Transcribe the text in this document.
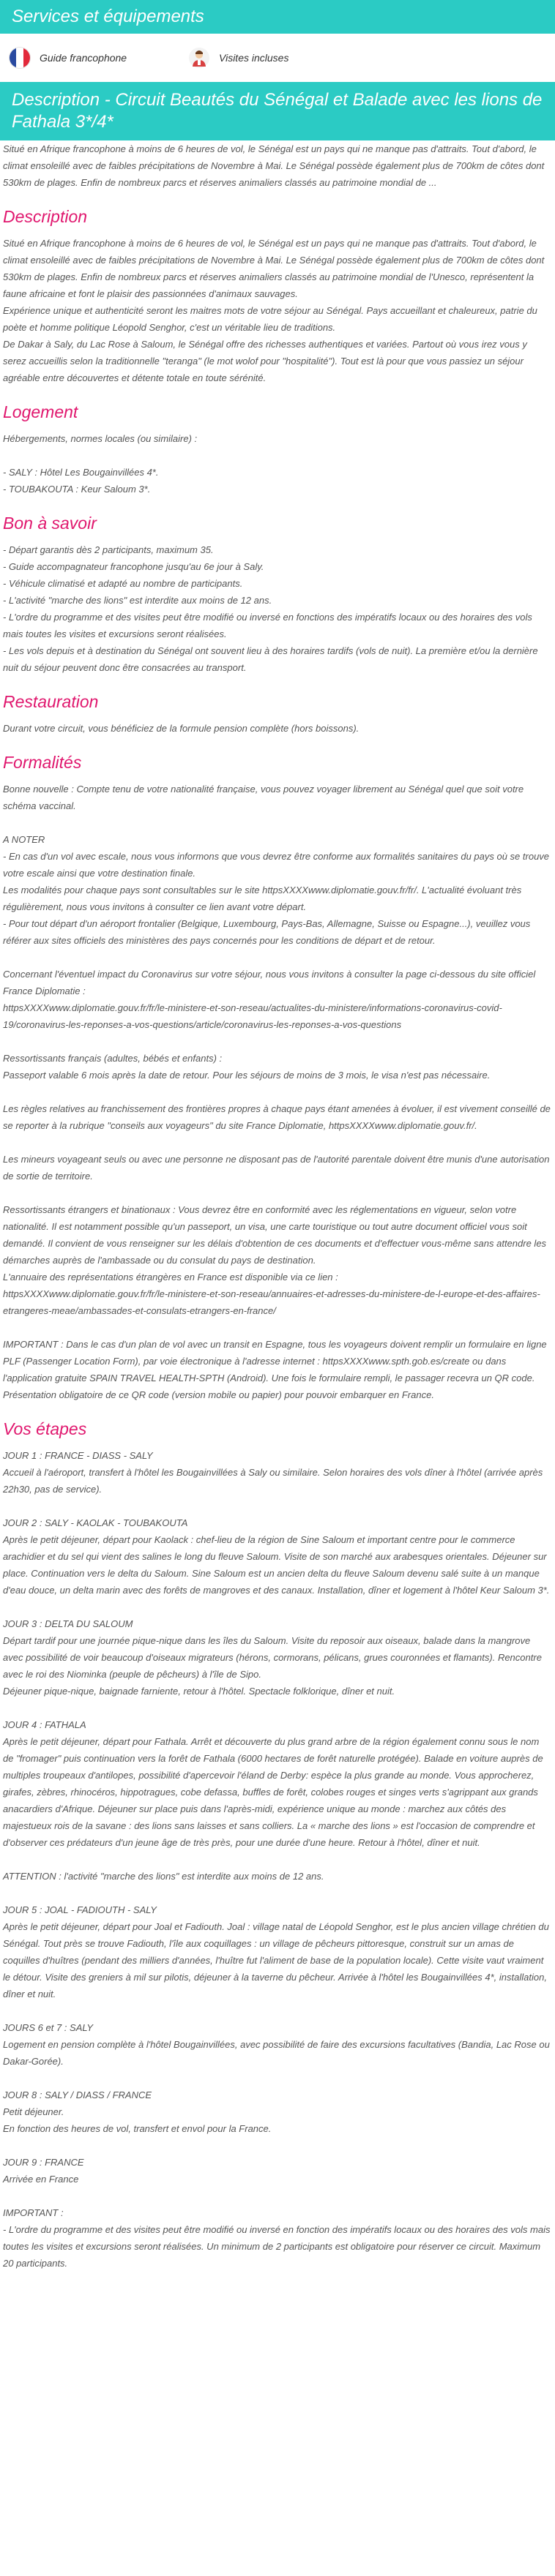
Services et équipements
Guide francophone	Visites incluses
Description - Circuit Beautés du Sénégal et Balade avec les lions de Fathala 3*/4*

Situé en Afrique francophone à moins de 6 heures de vol, le Sénégal est un pays qui ne manque pas d'attraits. Tout d'abord, le climat ensoleillé avec de faibles précipitations de Novembre à Mai. Le Sénégal possède également plus de 700km de côtes dont 530km de plages. Enfin de nombreux parcs et réserves animaliers classés au patrimoine mondial de ...

Description

Situé en Afrique francophone à moins de 6 heures de vol, le Sénégal est un pays qui ne manque pas d'attraits. Tout d'abord, le climat ensoleillé avec de faibles précipitations de Novembre à Mai. Le Sénégal possède également plus de 700km de côtes dont 530km de plages. Enfin de nombreux parcs et réserves animaliers classés au patrimoine mondial de l'Unesco, représentent la faune africaine et font le plaisir des passionnées d'animaux sauvages.
Expérience unique et authenticité seront les maitres mots de votre séjour au Sénégal. Pays accueillant et chaleureux, patrie du poète et homme politique Léopold Senghor, c'est un véritable lieu de traditions.
De Dakar à Saly, du Lac Rose à Saloum, le Sénégal offre des richesses authentiques et variées. Partout où vous irez vous y serez accueillis selon la traditionnelle "teranga" (le mot wolof pour "hospitalité"). Tout est là pour que vous passiez un séjour agréable entre découvertes et détente totale en toute sérénité.

Logement

Hébergements, normes locales (ou similaire) :

- SALY : Hôtel Les Bougainvillées 4*.
- TOUBAKOUTA : Keur Saloum 3*.

Bon à savoir

- Départ garantis dès 2 participants, maximum 35.
- Guide accompagnateur francophone jusqu'au 6e jour à Saly.
- Véhicule climatisé et adapté au nombre de participants.
- L'activité "marche des lions" est interdite aux moins de 12 ans.
- L'ordre du programme et des visites peut être modifié ou inversé en fonctions des impératifs locaux ou des horaires des vols mais toutes les visites et excursions seront réalisées.
- Les vols depuis et à destination du Sénégal ont souvent lieu à des horaires tardifs (vols de nuit). La première et/ou la dernière nuit du séjour peuvent donc être consacrées au transport.

Restauration

Durant votre circuit, vous bénéficiez de la formule pension complète (hors boissons).

Formalités

Bonne nouvelle : Compte tenu de votre nationalité française, vous pouvez voyager librement au Sénégal quel que soit votre schéma vaccinal.

A NOTER
- En cas d'un vol avec escale, nous vous informons que vous devrez être conforme aux formalités sanitaires du pays où se trouve votre escale ainsi que votre destination finale.
Les modalités pour chaque pays sont consultables sur le site httpsXXXXwww.diplomatie.gouv.fr/fr/. L'actualité évoluant très régulièrement, nous vous invitons à consulter ce lien avant votre départ.
- Pour tout départ d'un aéroport frontalier (Belgique, Luxembourg, Pays-Bas, Allemagne, Suisse ou Espagne...), veuillez vous référer aux sites officiels des ministères des pays concernés pour les conditions de départ et de retour.

Concernant l'éventuel impact du Coronavirus sur votre séjour, nous vous invitons à consulter la page ci-dessous du site officiel France Diplomatie :
httpsXXXXwww.diplomatie.gouv.fr/fr/le-ministere-et-son-reseau/actualites-du-ministere/informations-coronavirus-covid-19/coronavirus-les-reponses-a-vos-questions/article/coronavirus-les-reponses-a-vos-questions

Ressortissants français (adultes, bébés et enfants) :
Passeport valable 6 mois après la date de retour. Pour les séjours de moins de 3 mois, le visa n'est pas nécessaire.

Les règles relatives au franchissement des frontières propres à chaque pays étant amenées à évoluer, il est vivement conseillé de se reporter à la rubrique "conseils aux voyageurs" du site France Diplomatie, httpsXXXXwww.diplomatie.gouv.fr/.

Les mineurs voyageant seuls ou avec une personne ne disposant pas de l'autorité parentale doivent être munis d'une autorisation de sortie de territoire.

Ressortissants étrangers et binationaux : Vous devrez être en conformité avec les réglementations en vigueur, selon votre nationalité. Il est notamment possible qu'un passeport, un visa, une carte touristique ou tout autre document officiel vous soit demandé. Il convient de vous renseigner sur les délais d'obtention de ces documents et d'effectuer vous-même sans attendre les démarches auprès de l'ambassade ou du consulat du pays de destination.
L'annuaire des représentations étrangères en France est disponible via ce lien :
httpsXXXXwww.diplomatie.gouv.fr/fr/le-ministere-et-son-reseau/annuaires-et-adresses-du-ministere-de-l-europe-et-des-affaires-etrangeres-meae/ambassades-et-consulats-etrangers-en-france/

IMPORTANT : Dans le cas d'un plan de vol avec un transit en Espagne, tous les voyageurs doivent remplir un formulaire en ligne PLF (Passenger Location Form), par voie électronique à l'adresse internet : httpsXXXXwww.spth.gob.es/create ou dans l'application gratuite SPAIN TRAVEL HEALTH-SPTH (Android). Une fois le formulaire rempli, le passager recevra un QR code. Présentation obligatoire de ce QR code (version mobile ou papier) pour pouvoir embarquer en France.

Vos étapes

JOUR 1 : FRANCE - DIASS - SALY
Accueil à l'aéroport, transfert à l'hôtel les Bougainvillées à Saly ou similaire. Selon horaires des vols dîner à l'hôtel (arrivée après 22h30, pas de service).

JOUR 2 : SALY - KAOLAK - TOUBAKOUTA
Après le petit déjeuner, départ pour Kaolack : chef-lieu de la région de Sine Saloum et important centre pour le commerce arachidier et du sel qui vient des salines le long du fleuve Saloum. Visite de son marché aux arabesques orientales. Déjeuner sur place. Continuation vers le delta du Saloum. Sine Saloum est un ancien delta du fleuve Saloum devenu salé suite à un manque d'eau douce, un delta marin avec des forêts de mangroves et des canaux. Installation, dîner et logement à l'hôtel Keur Saloum 3*.

JOUR 3 : DELTA DU SALOUM
Départ tardif pour une journée pique-nique dans les îles du Saloum. Visite du reposoir aux oiseaux, balade dans la mangrove avec possibilité de voir beaucoup d'oiseaux migrateurs (hérons, cormorans, pélicans, grues couronnées et flamants). Rencontre avec le roi des Niominka (peuple de pêcheurs) à l'île de Sipo.
Déjeuner pique-nique, baignade farniente, retour à l'hôtel. Spectacle folklorique, dîner et nuit.

JOUR 4 : FATHALA
Après le petit déjeuner, départ pour Fathala. Arrêt et découverte du plus grand arbre de la région également connu sous le nom de "fromager" puis continuation vers la forêt de Fathala (6000 hectares de forêt naturelle protégée). Balade en voiture auprès de multiples troupeaux d'antilopes, possibilité d'apercevoir l'éland de Derby: espèce la plus grande au monde. Vous approcherez, girafes, zèbres, rhinocéros, hippotragues, cobe defassa, buffles de forêt, colobes rouges et singes verts s'agrippant aux grands anacardiers d'Afrique. Déjeuner sur place puis dans l'après-midi, expérience unique au monde : marchez aux côtés des majestueux rois de la savane : des lions sans laisses et sans colliers. La « marche des lions » est l'occasion de comprendre et d'observer ces prédateurs d'un jeune âge de très près, pour une durée d'une heure. Retour à l'hôtel, dîner et nuit.

ATTENTION : l'activité "marche des lions" est interdite aux moins de 12 ans.

JOUR 5 : JOAL - FADIOUTH - SALY
Après le petit déjeuner, départ pour Joal et Fadiouth. Joal : village natal de Léopold Senghor, est le plus ancien village chrétien du Sénégal. Tout près se trouve Fadiouth, l'île aux coquillages : un village de pêcheurs pittoresque, construit sur un amas de coquilles d'huîtres (pendant des milliers d'années, l'huître fut l'aliment de base de la population locale). Cette visite vaut vraiment le détour. Visite des greniers à mil sur pilotis, déjeuner à la taverne du pêcheur. Arrivée à l'hôtel les Bougainvillées 4*, installation, dîner et nuit.

JOURS 6 et 7 : SALY
Logement en pension complète à l'hôtel Bougainvillées, avec possibilité de faire des excursions facultatives (Bandia, Lac Rose ou Dakar-Gorée).

JOUR 8 : SALY / DIASS / FRANCE
Petit déjeuner.
En fonction des heures de vol, transfert et envol pour la France.

JOUR 9 : FRANCE
Arrivée en France

IMPORTANT :
- L'ordre du programme et des visites peut être modifié ou inversé en fonction des impératifs locaux ou des horaires des vols mais toutes les visites et excursions seront réalisées. Un minimum de 2 participants est obligatoire pour réserver ce circuit. Maximum 20 participants.
